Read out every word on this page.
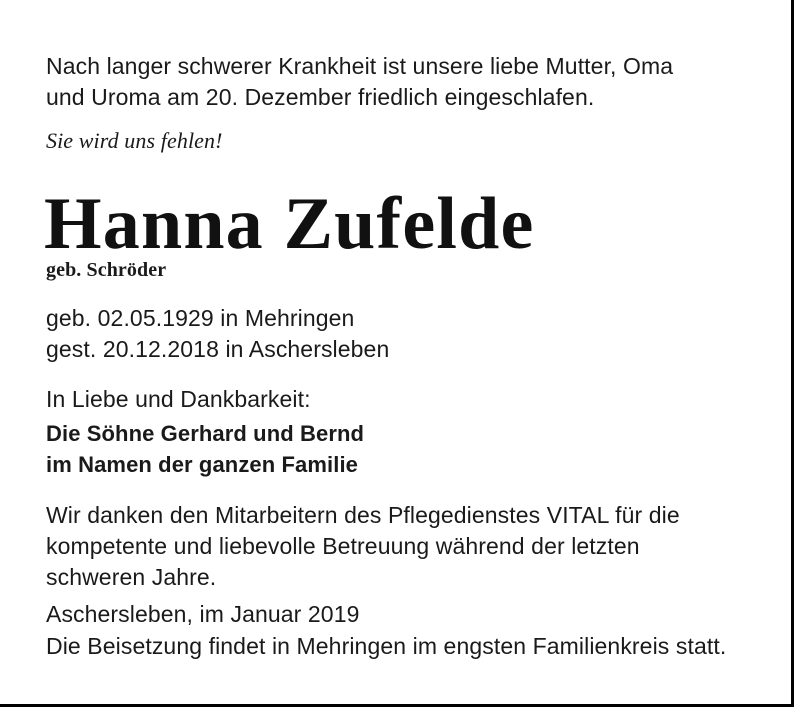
Nach langer schwerer Krankheit ist unsere liebe Mutter, Oma
und Uroma am 20. Dezember friedlich eingeschlafen.

Sie wird uns fehlen!

Hanna Zufelde

geb. Schröder

geb. 02.05.1929 in Mehringen
gest. 20.12.2018 in Aschersleben

In Liebe und Dankbarkeit:

Die Söhne Gerhard und Bernd
im Namen der ganzen Familie

Wir danken den Mitarbeitern des Pflegedienstes VITAL für die
kompetente und liebevolle Betreuung während der letzten
schweren Jahre.

Aschersleben, im Januar 2019

Die Beisetzung findet in Mehringen im engsten Familienkreis statt.
